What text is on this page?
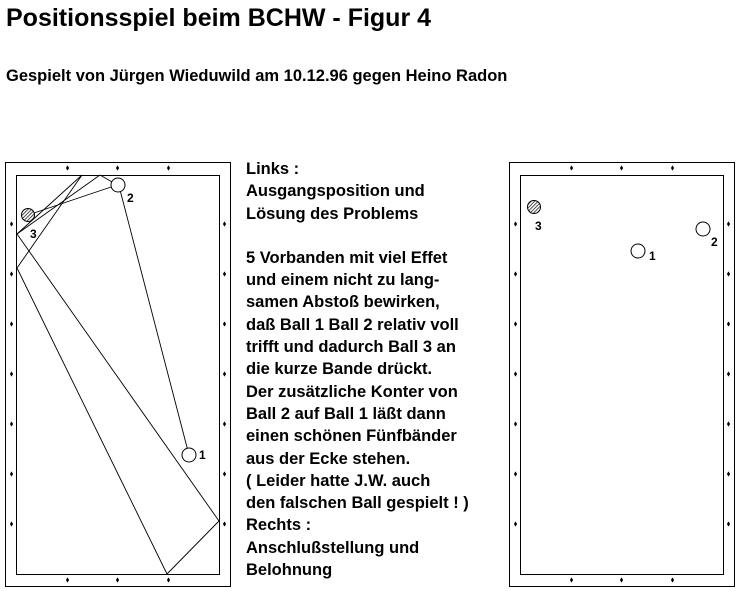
Positionsspiel beim BCHW - Figur 4
Gespielt von Jürgen Wieduwild am 10.12.96 gegen Heino Radon
1
2
3
1
2
3

Links :

Ausgangsposition und

Lösung des Problems

5 Vorbanden mit viel Effet

und einem nicht zu lang-

samen Abstoß bewirken,

daß Ball 1 Ball 2 relativ voll

trifft und dadurch Ball 3 an

die kurze Bande drückt.

Der zusätzliche Konter von

Ball 2 auf Ball 1 läßt dann

einen schönen Fünfbänder

aus der Ecke stehen.

( Leider hatte J.W. auch

den falschen Ball gespielt ! )

Rechts :

Anschlußstellung und

Belohnung
